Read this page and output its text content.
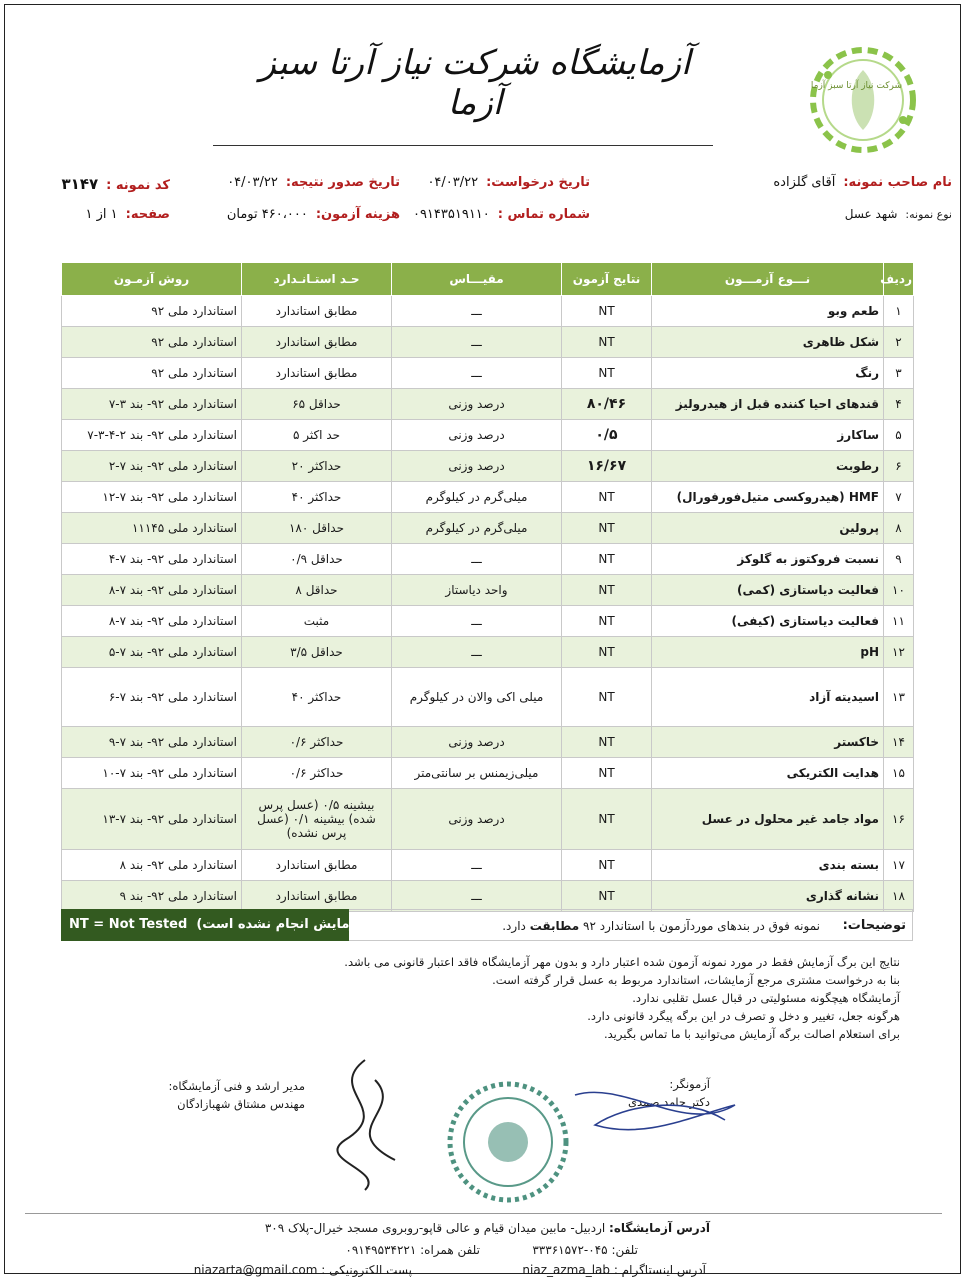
شرکت نیاز آرتا سبز آزما
آزمایشگاه شرکت نیاز آرتا سبز آزما
نام صاحب نمونه:آقای گلزاده
تاریخ درخواست:۰۴/۰۳/۲۲
تاریخ صدور نتیجه:۰۴/۰۳/۲۲
کد نمونه :۳۱۴۷
نوع نمونه:شهد عسل
شماره تماس :۰۹۱۴۳۵۱۹۱۱۰
هزینه آزمون:۴۶۰،۰۰۰ تومان
صفحه:۱ از ۱
ردیف	نـــوع آزمـــون	نتایج آزمون	مقیـــاس	حـد استـانـدارد	روش آزمـون
۱	طعم وبو	NT	ـــ	مطابق استاندارد	استاندارد ملی ۹۲
۲	شکل ظاهری	NT	ـــ	مطابق استاندارد	استاندارد ملی ۹۲
۳	رنگ	NT	ـــ	مطابق استاندارد	استاندارد ملی ۹۲
۴	قندهای احیا کننده قبل از هیدرولیز	۸۰/۴۶	درصد وزنی	حداقل ۶۵	استاندارد ملی ۹۲- بند ۳-۷
۵	ساکارز	۰/۵	درصد وزنی	حد اکثر ۵	استاندارد ملی ۹۲- بند ۲-۴-۳-۷
۶	رطوبت	۱۶/۶۷	درصد وزنی	حداکثر ۲۰	استاندارد ملی ۹۲- بند ۷-۲
۷	HMF (هیدروکسی متیل‌فورفورال)	NT	میلی‌گرم در کیلوگرم	حداکثر ۴۰	استاندارد ملی ۹۲- بند ۷-۱۲
۸	پرولین	NT	میلی‌گرم در کیلوگرم	حداقل ۱۸۰	استاندارد ملی ۱۱۱۴۵
۹	نسبت فروکتوز به گلوکز	NT	ـــ	حداقل ۰/۹	استاندارد ملی ۹۲- بند ۷-۴
۱۰	فعالیت دیاستازی (کمی)	NT	واحد دیاستاز	حداقل ۸	استاندارد ملی ۹۲- بند ۷-۸
۱۱	فعالیت دیاستازی (کیفی)	NT	ـــ	مثبت	استاندارد ملی ۹۲- بند ۷-۸
۱۲	pH	NT	ـــ	حداقل ۳/۵	استاندارد ملی ۹۲- بند ۷-۵
۱۳	اسیدیته آزاد	NT	میلی اکی والان در کیلوگرم	حداکثر ۴۰	استاندارد ملی ۹۲- بند ۷-۶
۱۴	خاکستر	NT	درصد وزنی	حداکثر ۰/۶	استاندارد ملی ۹۲- بند ۷-۹
۱۵	هدایت الکتریکی	NT	میلی‌زیمنس بر سانتی‌متر	حداکثر ۰/۶	استاندارد ملی ۹۲- بند ۷-۱۰
۱۶	مواد جامد غیر محلول در عسل	NT	درصد وزنی	بیشینه ۰/۵ (عسل پرس شده) بیشینه ۰/۱ (عسل پرس نشده)	استاندارد ملی ۹۲- بند ۷-۱۳
۱۷	بسته بندی	NT	ـــ	مطابق استاندارد	استاندارد ملی ۹۲- بند ۸
۱۸	نشانه گذاری	NT	ـــ	مطابق استاندارد	استاندارد ملی ۹۲- بند ۹
توضیحات:
نمونه فوق در بندهای موردآزمون با استاندارد ۹۲ مطابقت دارد.
NT = Not Tested (آزمایش انجام نشده است)
نتایج این برگ آزمایش فقط در مورد نمونه آزمون شده اعتبار دارد و بدون مهر آزمایشگاه فاقد اعتبار قانونی می باشد.
بنا به درخواست مشتری مرجع آزمایشات، استاندارد مربوط به عسل قرار گرفته است.
آزمایشگاه هیچگونه مسئولیتی در قبال عسل تقلبی ندارد.
هرگونه جعل، تغییر و دخل و تصرف در این برگه پیگرد قانونی دارد.
برای استعلام اصالت برگه آزمایش می‌توانید با ما تماس بگیرید.
آزمونگر:
دکتر حامد صمدی
مدیر ارشد و فنی آزمایشگاه:
مهندس مشتاق شهبازادگان
آدرس آزمایشگاه: اردبیل- مابین میدان قیام و عالی قاپو-روبروی مسجد خیرال-پلاک ۳۰۹
تلفن: ۰۴۵-۳۳۳۶۱۵۷۲
تلفن همراه: ۰۹۱۴۹۵۳۴۲۲۱
آدرس اینستاگرام : niaz_azma_lab
پست الکترونیکی : niazarta@gmail.com
